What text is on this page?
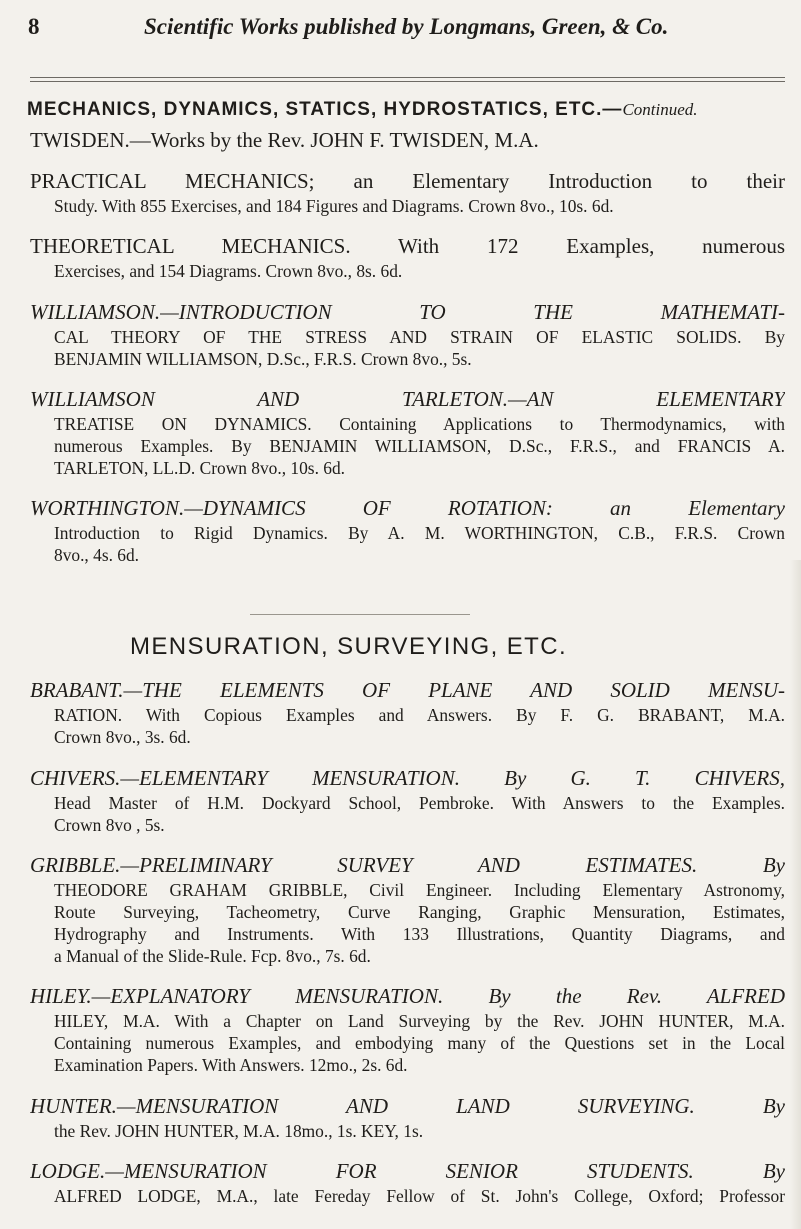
8	Scientific Works published by Longmans, Green, & Co.
MECHANICS, DYNAMICS, STATICS, HYDROSTATICS, ETC.—Continued.
TWISDEN.—Works by the Rev. JOHN F. TWISDEN, M.A.
PRACTICAL MECHANICS; an Elementary Introduction to their
Study. With 855 Exercises, and 184 Figures and Diagrams. Crown 8vo., 10s. 6d.
THEORETICAL MECHANICS. With 172 Examples, numerous
Exercises, and 154 Diagrams. Crown 8vo., 8s. 6d.
WILLIAMSON.—INTRODUCTION TO THE MATHEMATI-
CAL THEORY OF THE STRESS AND STRAIN OF ELASTIC SOLIDS. By
BENJAMIN WILLIAMSON, D.Sc., F.R.S. Crown 8vo., 5s.
WILLIAMSON AND TARLETON.—AN ELEMENTARY
TREATISE ON DYNAMICS. Containing Applications to Thermodynamics, with
numerous Examples. By BENJAMIN WILLIAMSON, D.Sc., F.R.S., and FRANCIS A.
TARLETON, LL.D. Crown 8vo., 10s. 6d.
WORTHINGTON.—DYNAMICS OF ROTATION: an Elementary
Introduction to Rigid Dynamics. By A. M. WORTHINGTON, C.B., F.R.S. Crown
8vo., 4s. 6d.
MENSURATION, SURVEYING, ETC.
BRABANT.—THE ELEMENTS OF PLANE AND SOLID MENSU-
RATION. With Copious Examples and Answers. By F. G. BRABANT, M.A.
Crown 8vo., 3s. 6d.
CHIVERS.—ELEMENTARY MENSURATION. By G. T. CHIVERS,
Head Master of H.M. Dockyard School, Pembroke. With Answers to the Examples.
Crown 8vo , 5s.
GRIBBLE.—PRELIMINARY SURVEY AND ESTIMATES. By
THEODORE GRAHAM GRIBBLE, Civil Engineer. Including Elementary Astronomy,
Route Surveying, Tacheometry, Curve Ranging, Graphic Mensuration, Estimates,
Hydrography and Instruments. With 133 Illustrations, Quantity Diagrams, and
a Manual of the Slide-Rule. Fcp. 8vo., 7s. 6d.
HILEY.—EXPLANATORY MENSURATION. By the Rev. ALFRED
HILEY, M.A. With a Chapter on Land Surveying by the Rev. JOHN HUNTER, M.A.
Containing numerous Examples, and embodying many of the Questions set in the Local
Examination Papers. With Answers. 12mo., 2s. 6d.
HUNTER.—MENSURATION AND LAND SURVEYING. By
the Rev. JOHN HUNTER, M.A. 18mo., 1s. KEY, 1s.
LODGE.—MENSURATION FOR SENIOR STUDENTS. By
ALFRED LODGE, M.A., late Fereday Fellow of St. John's College, Oxford; Professor
